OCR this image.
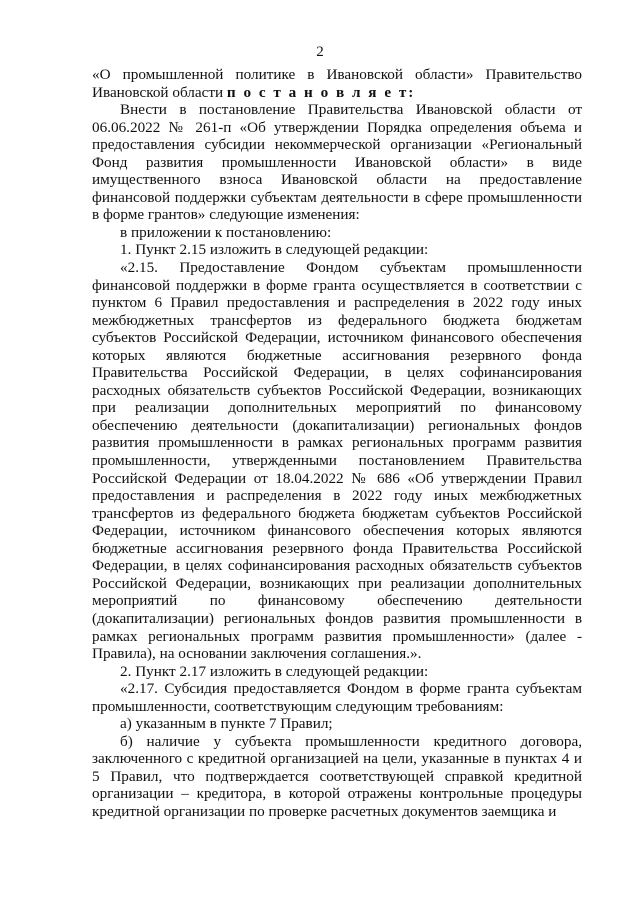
2

«О промышленной политике в Ивановской области» Правительство Ивановской области п о с т а н о в л я е т:

Внести в постановление Правительства Ивановской области от 06.06.2022 № 261-п «Об утверждении Порядка определения объема и предоставления субсидии некоммерческой организации «Региональный Фонд развития промышленности Ивановской области» в виде имущественного взноса Ивановской области на предоставление финансовой поддержки субъектам деятельности в сфере промышленности в форме грантов» следующие изменения:

в приложении к постановлению:

1. Пункт 2.15 изложить в следующей редакции:

«2.15. Предоставление Фондом субъектам промышленности финансовой поддержки в форме гранта осуществляется в соответствии с пунктом 6 Правил предоставления и распределения в 2022 году иных межбюджетных трансфертов из федерального бюджета бюджетам субъектов Российской Федерации, источником финансового обеспечения которых являются бюджетные ассигнования резервного фонда Правительства Российской Федерации, в целях софинансирования расходных обязательств субъектов Российской Федерации, возникающих при реализации дополнительных мероприятий по финансовому обеспечению деятельности (докапитализации) региональных фондов развития промышленности в рамках региональных программ развития промышленности, утвержденными постановлением Правительства Российской Федерации от 18.04.2022 № 686 «Об утверждении Правил предоставления и распределения в 2022 году иных межбюджетных трансфертов из федерального бюджета бюджетам субъектов Российской Федерации, источником финансового обеспечения которых являются бюджетные ассигнования резервного фонда Правительства Российской Федерации, в целях софинансирования расходных обязательств субъектов Российской Федерации, возникающих при реализации дополнительных мероприятий по финансовому обеспечению деятельности (докапитализации) региональных фондов развития промышленности в рамках региональных программ развития промышленности» (далее - Правила), на основании заключения соглашения.».

2. Пункт 2.17 изложить в следующей редакции:

«2.17. Субсидия предоставляется Фондом в форме гранта субъектам промышленности, соответствующим следующим требованиям:

а) указанным в пункте 7 Правил;

б) наличие у субъекта промышленности кредитного договора, заключенного с кредитной организацией на цели, указанные в пунктах 4 и 5 Правил, что подтверждается соответствующей справкой кредитной организации – кредитора, в которой отражены контрольные процедуры кредитной организации по проверке расчетных документов заемщика и
